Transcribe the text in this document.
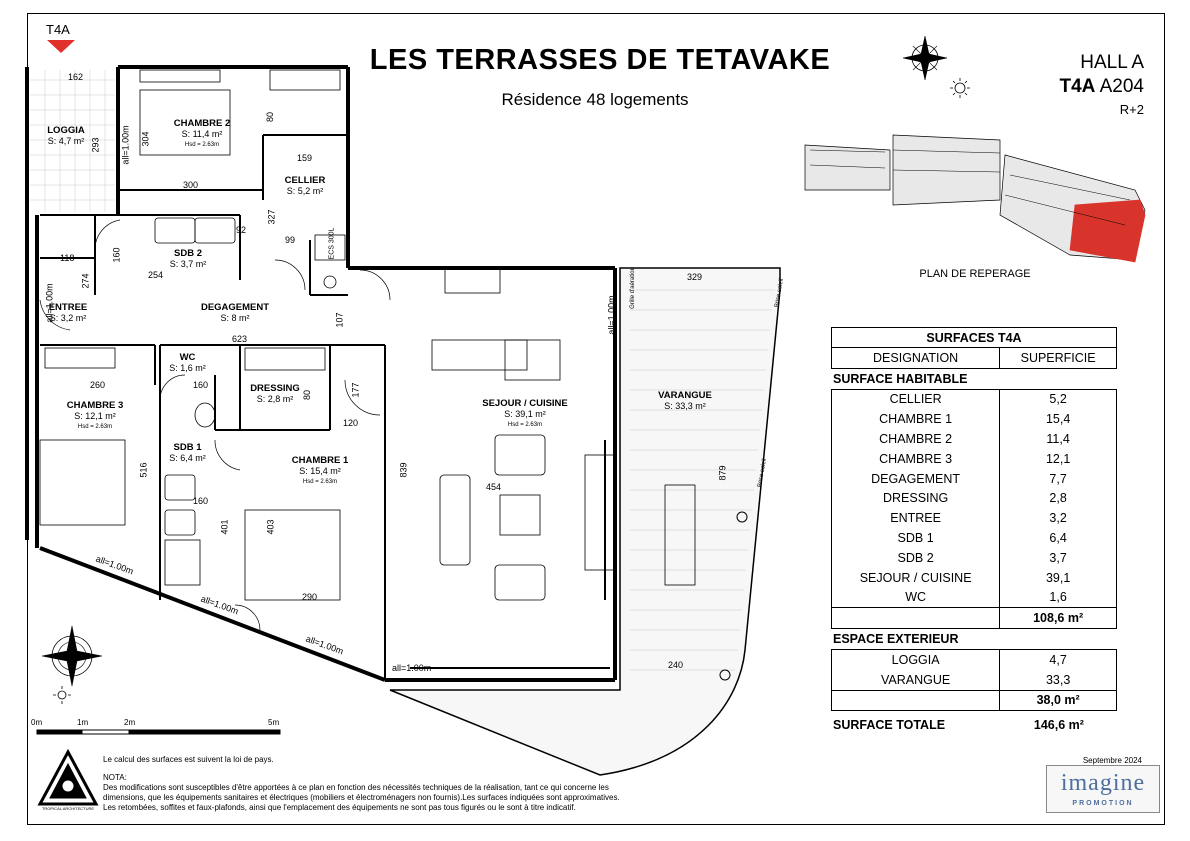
T4A
LES TERRASSES DE TETAVAKE
Résidence 48 logements
HALL A
T4A A204
R+2
LOGGIA
S: 4,7 m²
CHAMBRE 2
S: 11,4 m²
Hsd = 2.63m
CELLIER
S: 5,2 m²
SDB 2
S: 3,7 m²
ENTREE
S: 3,2 m²
DEGAGEMENT
S: 8 m²
WC
S: 1,6 m²
DRESSING
S: 2,8 m²
CHAMBRE 3
S: 12,1 m²
Hsd = 2.63m
SDB 1
S: 6,4 m²	CHAMBRE 1
S: 15,4 m²
Hsd = 2.63m
SEJOUR / CUISINE
S: 39,1 m²
Hsd = 2.63m
VARANGUE
S: 33,3 m²
162
304
293 all=1.00m
80
300
159
327
92
99
160
118
274	254
623
107
329
260	160	177
80
120
516
160
401	403
290
839
454
879
240
all=1.00m
all=1.00m
all=1.00m
all=1.00m
all=1.00m
all=1.00m
ECS 300L
Brise soleil
Brise soleil
Grille d'aération
0m	1m	2m	5m
PLAN DE REPERAGE
SURFACES T4A
DESIGNATION	SUPERFICIE
SURFACE HABITABLE
CELLIER	5,2
CHAMBRE 1	15,4
CHAMBRE 2	11,4
CHAMBRE 3	12,1
DEGAGEMENT	7,7
DRESSING	2,8
ENTREE	3,2
SDB 1	6,4
SDB 2	3,7
SEJOUR / CUISINE	39,1
WC	1,6
108,6 m²
ESPACE EXTERIEUR
LOGGIA	4,7
VARANGUE	33,3
38,0 m²
SURFACE TOTALE	146,6 m²
Le calcul des surfaces est suivent la loi de pays.
NOTA:
Des modifications sont susceptibles d'être apportées à ce plan en fonction des nécessités techniques de la réalisation, tant ce qui concerne les
dimensions, que les équipements sanitaires et électriques (mobiliers et électroménagers non fournis).Les surfaces indiquées sont approximatives.
Les retombées, soffites et faux-plafonds, ainsi que l'emplacement des équipements ne sont pas tous figurés ou le sont à titre indicatif.
TROPICAL ARCHITECTURE
Septembre 2024
imagine
PROMOTION
